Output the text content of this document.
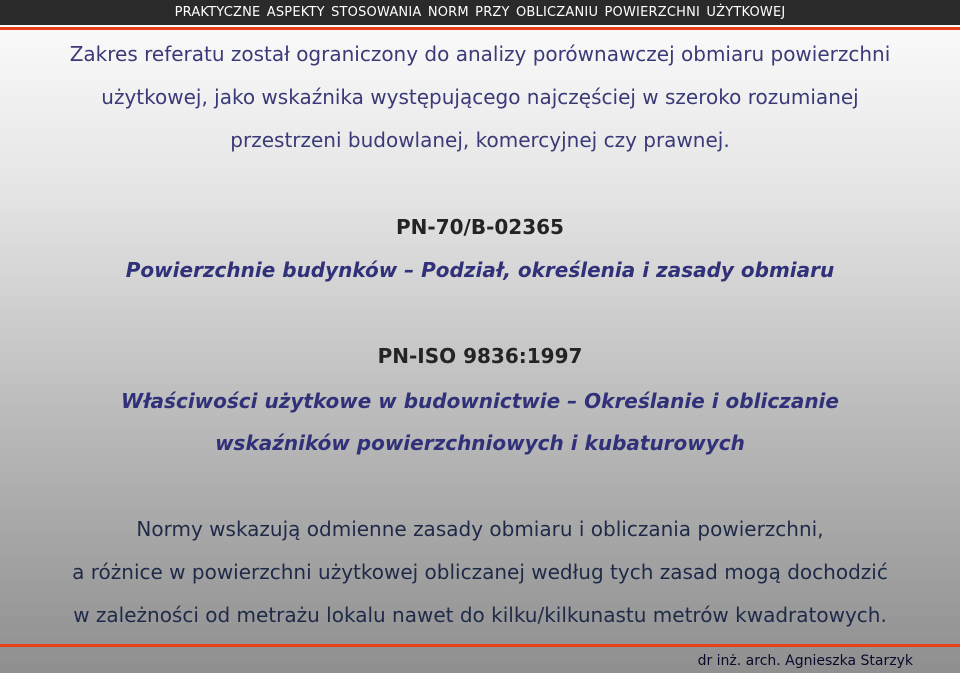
PRAKTYCZNE ASPEKTY STOSOWANIA NORM PRZY OBLICZANIU POWIERZCHNI UŻYTKOWEJ
Zakres referatu został ograniczony do analizy porównawczej obmiaru powierzchni
użytkowej, jako wskaźnika występującego najczęściej w szeroko rozumianej
przestrzeni budowlanej, komercyjnej czy prawnej.
PN-70/B-02365
Powierzchnie budynków – Podział, określenia i zasady obmiaru
PN-ISO 9836:1997
Właściwości użytkowe w budownictwie – Określanie i obliczanie
wskaźników powierzchniowych i kubaturowych
Normy wskazują odmienne zasady obmiaru i obliczania powierzchni,
a różnice w powierzchni użytkowej obliczanej według tych zasad mogą dochodzić
w zależności od metrażu lokalu nawet do kilku/kilkunastu metrów kwadratowych.
dr inż. arch. Agnieszka Starzyk
